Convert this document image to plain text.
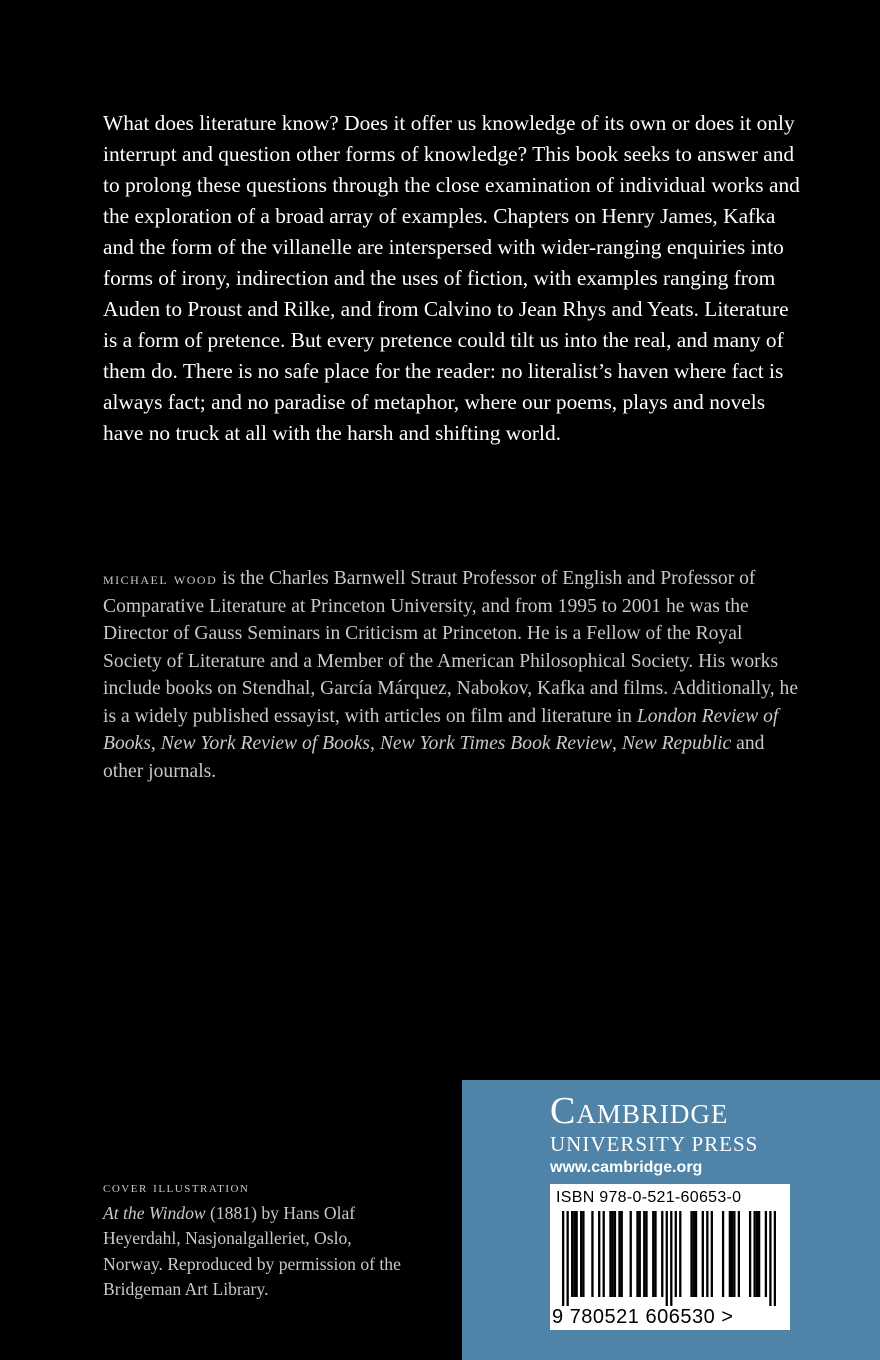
What does literature know? Does it offer us knowledge of its own or does it only interrupt and question other forms of knowledge? This book seeks to answer and to prolong these questions through the close examination of individual works and the exploration of a broad array of examples. Chapters on Henry James, Kafka and the form of the villanelle are interspersed with wider-ranging enquiries into forms of irony, indirection and the uses of fiction, with examples ranging from Auden to Proust and Rilke, and from Calvino to Jean Rhys and Yeats. Literature is a form of pretence. But every pretence could tilt us into the real, and many of them do. There is no safe place for the reader: no literalist’s haven where fact is always fact; and no paradise of metaphor, where our poems, plays and novels have no truck at all with the harsh and shifting world.

michael wood is the Charles Barnwell Straut Professor of English and Professor of Comparative Literature at Princeton University, and from 1995 to 2001 he was the Director of Gauss Seminars in Criticism at Princeton. He is a Fellow of the Royal Society of Literature and a Member of the American Philosophical Society. His works include books on Stendhal, García Márquez, Nabokov, Kafka and films. Additionally, he is a widely published essayist, with articles on film and literature in London Review of Books, New York Review of Books, New York Times Book Review, New Republic and other journals.

cover illustration
At the Window (1881) by Hans Olaf Heyerdahl, Nasjonalgalleriet, Oslo, Norway. Reproduced by permission of the Bridgeman Art Library.
Cambridge
UNIVERSITY PRESS
www.cambridge.org
ISBN 978-0-521-60653-0
9 780521 606530 >
